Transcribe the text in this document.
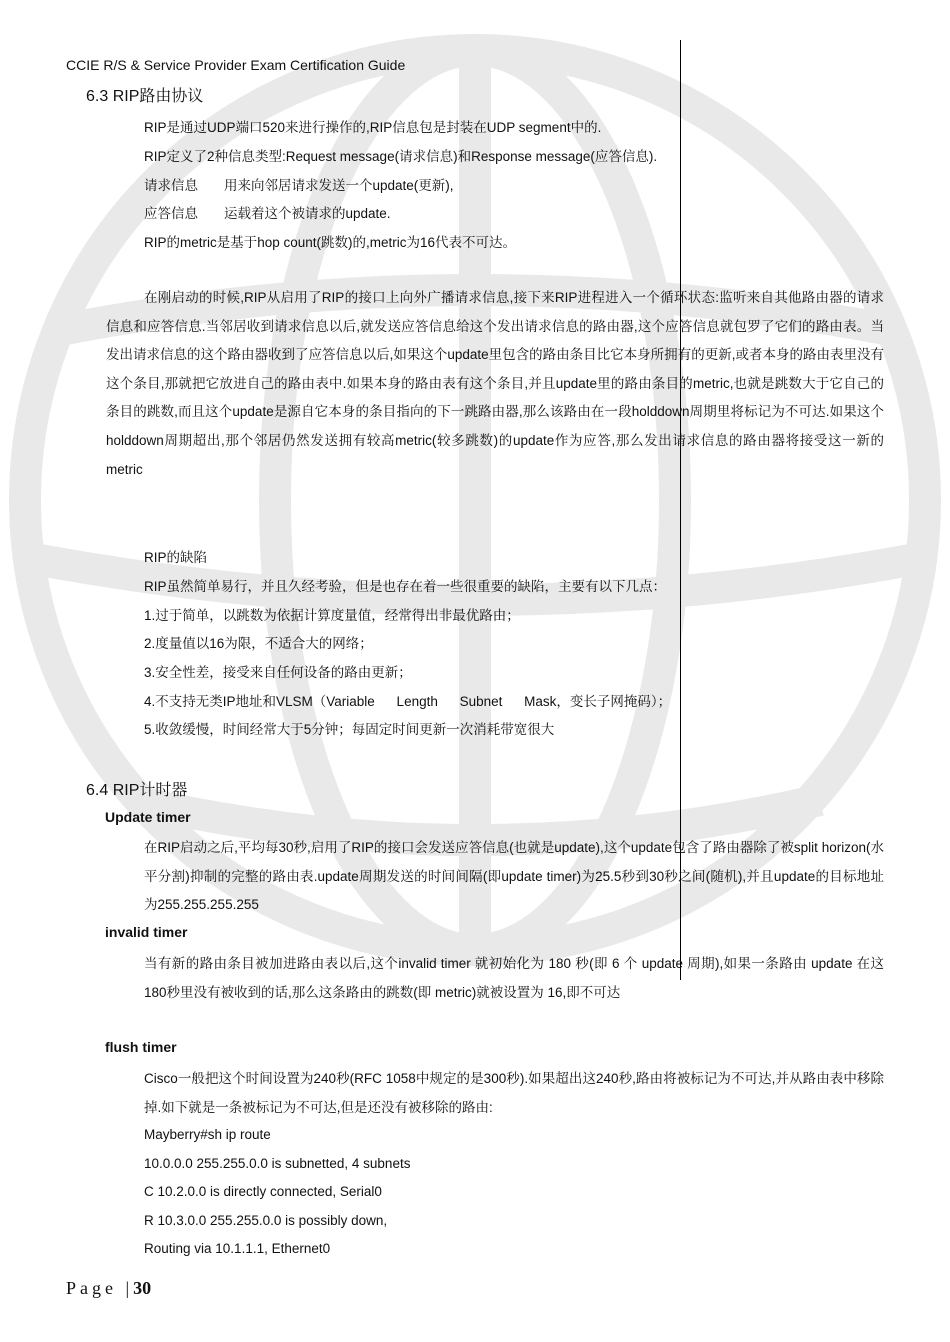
CCIE R/S & Service Provider Exam Certification Guide
6.3 RIP路由协议
RIP是通过UDP端口520来进行操作的,RIP信息包是封装在UDP segment中的.
RIP定义了2种信息类型:Request message(请求信息)和Response message(应答信息).
请求信息 用来向邻居请求发送一个update(更新),
应答信息 运载着这个被请求的update.
RIP的metric是基于hop count(跳数)的,metric为16代表不可达。
在刚启动的时候,RIP从启用了RIP的接口上向外广播请求信息,接下来RIP进程进入一个循环状态:监听来自其他路由器的请求信息和应答信息.当邻居收到请求信息以后,就发送应答信息给这个发出请求信息的路由器,这个应答信息就包罗了它们的路由表。当发出请求信息的这个路由器收到了应答信息以后,如果这个update里包含的路由条目比它本身所拥有的更新,或者本身的路由表里没有这个条目,那就把它放进自己的路由表中.如果本身的路由表有这个条目,并且update里的路由条目的metric,也就是跳数大于它自己的条目的跳数,而且这个update是源自它本身的条目指向的下一跳路由器,那么该路由在一段holddown周期里将标记为不可达.如果这个holddown周期超出,那个邻居仍然发送拥有较高metric(较多跳数)的update作为应答,那么发出请求信息的路由器将接受这一新的metric
RIP的缺陷
RIP虽然简单易行，并且久经考验，但是也存在着一些很重要的缺陷，主要有以下几点：
1.过于简单，以跳数为依据计算度量值，经常得出非最优路由；
2.度量值以16为限，不适合大的网络；
3.安全性差，接受来自任何设备的路由更新；
4.不支持无类IP地址和VLSM（Variable Length Subnet Mask，变长子网掩码）；
5.收敛缓慢，时间经常大于5分钟；每固定时间更新一次消耗带宽很大
6.4 RIP计时器
Update timer
在RIP启动之后,平均每30秒,启用了RIP的接口会发送应答信息(也就是update),这个update包含了路由器除了被split horizon(水平分割)抑制的完整的路由表.update周期发送的时间间隔(即update timer)为25.5秒到30秒之间(随机),并且update的目标地址为255.255.255.255
invalid timer
当有新的路由条目被加进路由表以后,这个invalid timer 就初始化为 180 秒(即 6 个 update 周期),如果一条路由 update 在这 180秒里没有被收到的话,那么这条路由的跳数(即 metric)就被设置为 16,即不可达
flush timer
Cisco一般把这个时间设置为240秒(RFC 1058中规定的是300秒).如果超出这240秒,路由将被标记为不可达,并从路由表中移除掉.如下就是一条被标记为不可达,但是还没有被移除的路由:
Mayberry#sh ip route
10.0.0.0 255.255.0.0 is subnetted, 4 subnets
C 10.2.0.0 is directly connected, Serial0
R 10.3.0.0 255.255.0.0 is possibly down,
Routing via 10.1.1.1, Ethernet0
Page |30
